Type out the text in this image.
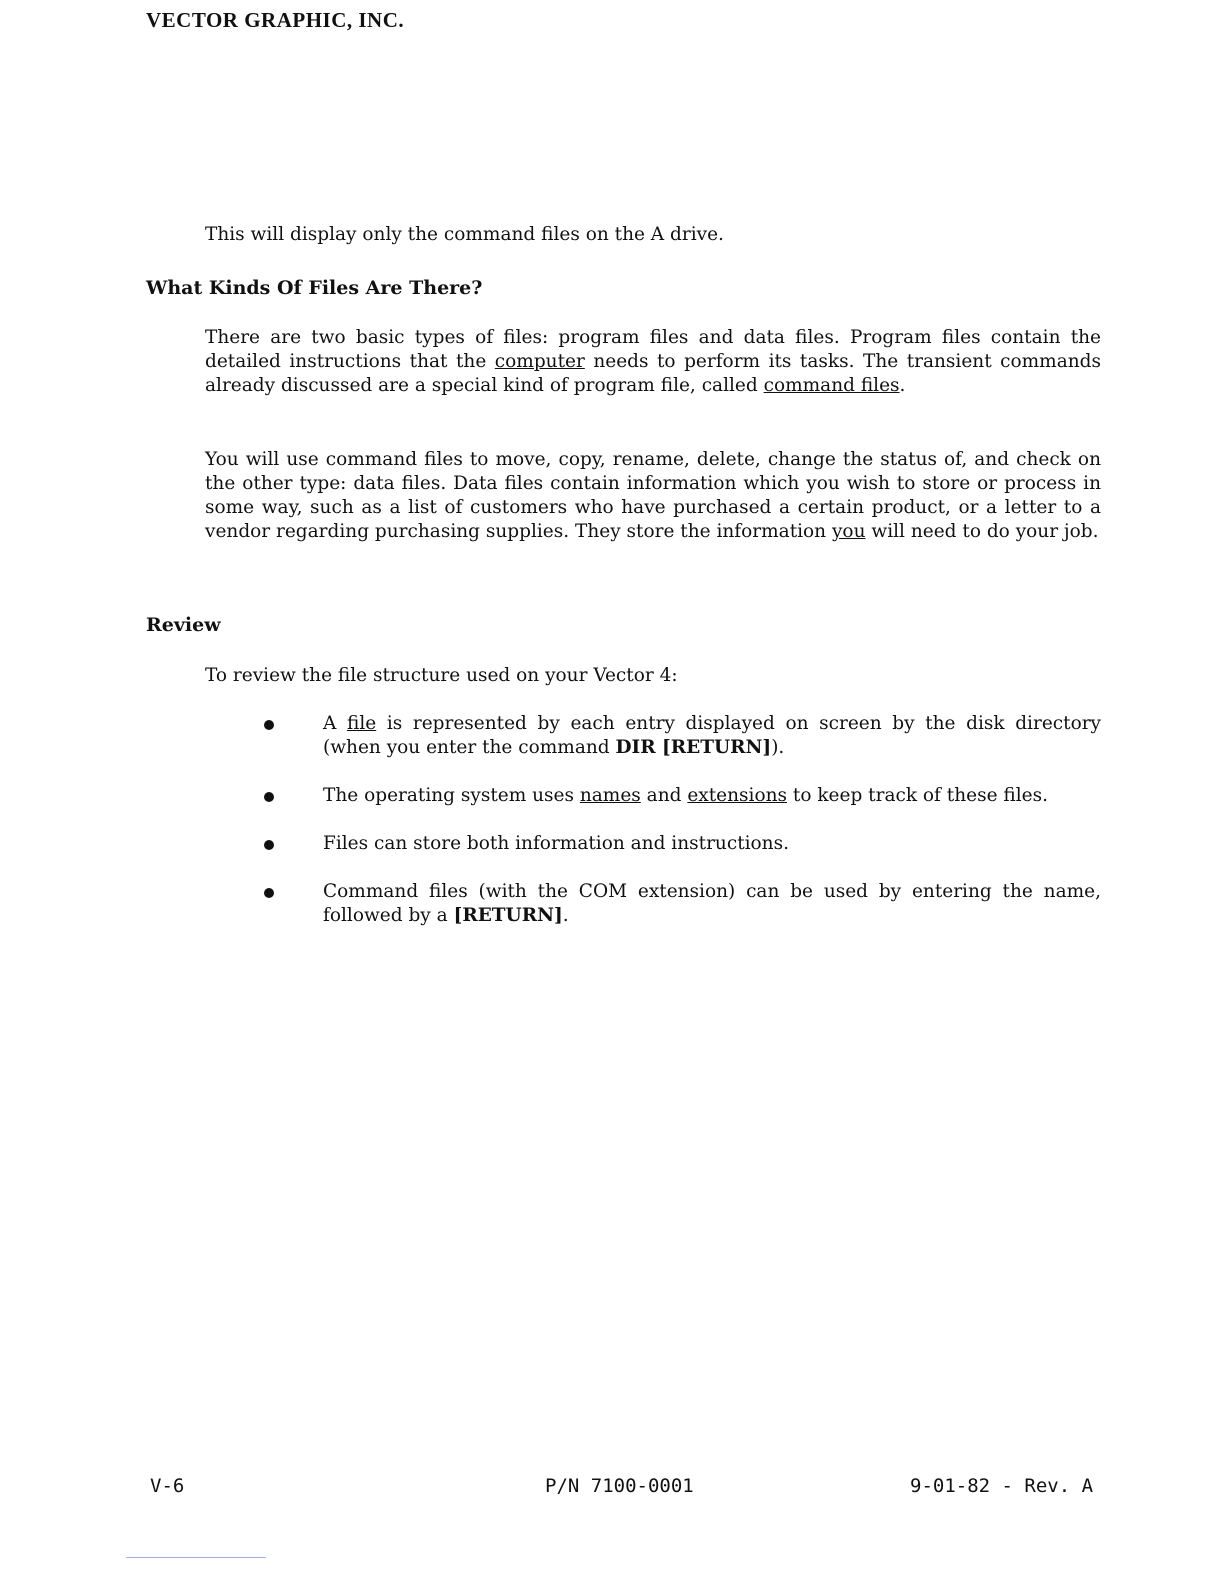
VECTOR GRAPHIC, INC.

This will display only the command files on the A drive.

What Kinds Of Files Are There?

There are two basic types of files: program files and data files. Program files contain the detailed instructions that the computer needs to perform its tasks. The transient commands already discussed are a special kind of program file, called command files.

You will use command files to move, copy, rename, delete, change the status of, and check on the other type: data files. Data files contain information which you wish to store or process in some way, such as a list of customers who have purchased a certain product, or a letter to a vendor regarding purchasing supplies. They store the information you will need to do your job.

Review

To review the file structure used on your Vector 4:

A file is represented by each entry displayed on screen by the disk directory (when you enter the command DIR [RETURN]).
The operating system uses names and extensions to keep track of these files.
Files can store both information and instructions.
Command files (with the COM extension) can be used by entering the name, followed by a [RETURN].
V-6	P/N 7100-0001	9-01-82 - Rev. A
